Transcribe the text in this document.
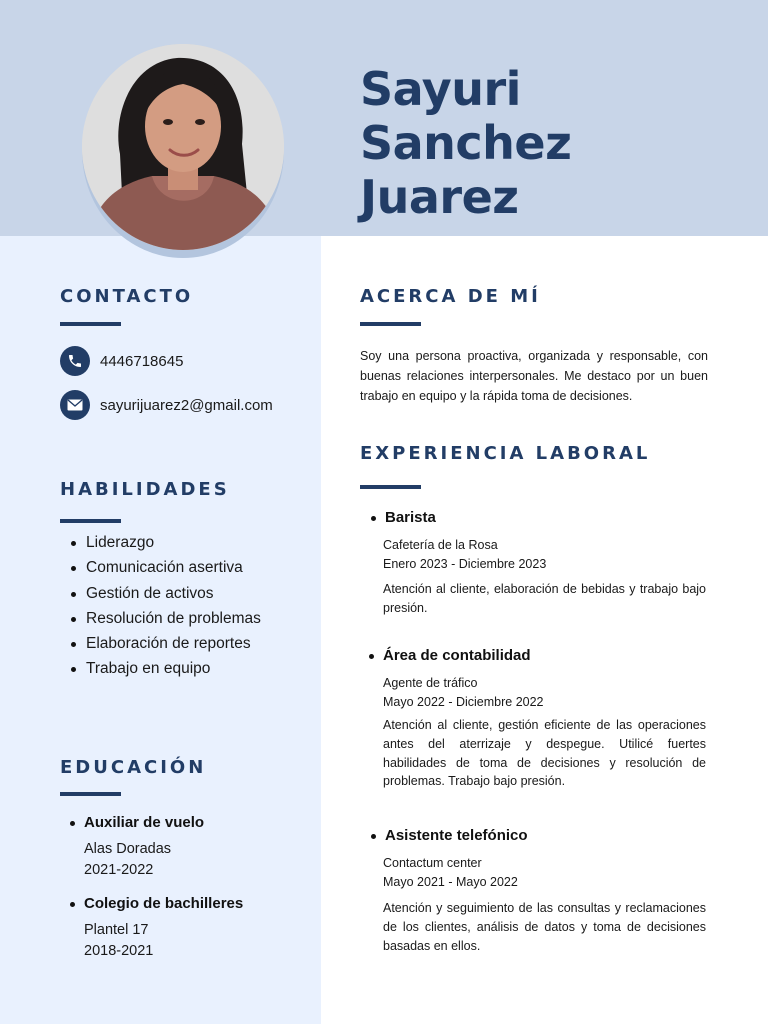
Sayuri Sanchez Juarez
CONTACTO
4446718645
sayurijuarez2@gmail.com
HABILIDADES
Liderazgo
Comunicación asertiva
Gestión de activos
Resolución de problemas
Elaboración de reportes
Trabajo en equipo
EDUCACIÓN
Auxiliar de vuelo
Alas Doradas
2021-2022
Colegio de bachilleres
Plantel 17
2018-2021
ACERCA DE MÍ
Soy una persona proactiva, organizada y responsable, con buenas relaciones interpersonales. Me destaco por un buen trabajo en equipo y la rápida toma de decisiones.
EXPERIENCIA LABORAL
Barista
Cafetería de la Rosa
Enero 2023 - Diciembre 2023
Atención al cliente, elaboración de bebidas y trabajo bajo presión.
Área de contabilidad
Agente de tráfico
Mayo 2022 - Diciembre 2022
Atención al cliente, gestión eficiente de las operaciones antes del aterrizaje y despegue. Utilicé fuertes habilidades de toma de decisiones y resolución de problemas. Trabajo bajo presión.
Asistente telefónico
Contactum center
Mayo 2021 - Mayo 2022
Atención y seguimiento de las consultas y reclamaciones de los clientes, análisis de datos y toma de decisiones basadas en ellos.
